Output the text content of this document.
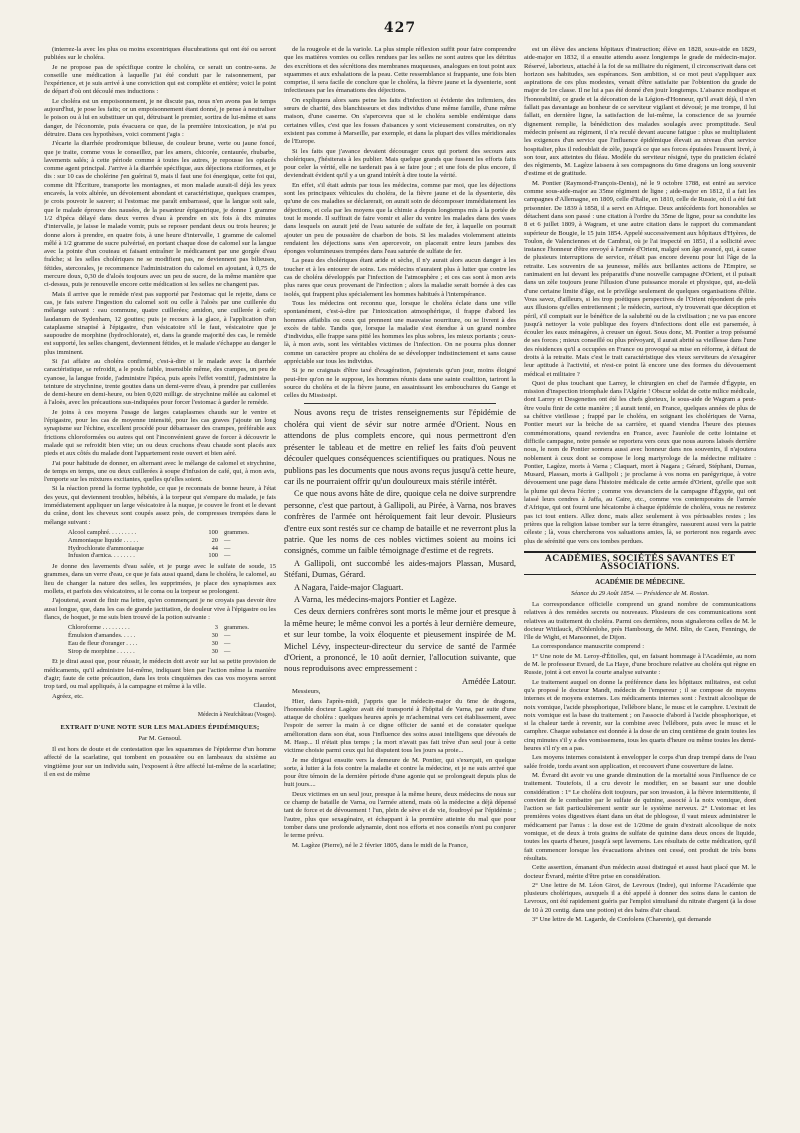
427

(interrez-la avec les plus ou moins excentriques élucubrations qui ont été ou seront publiées sur le choléra.

Je ne propose pas de spécifique contre le choléra, ce serait un contre-sens. Je conseille une médication à laquelle j'ai été conduit par le raisonnement, par l'expérience, et je suis arrivé à une conviction qui est complète et entière; voici le point de départ d'où ont découlé mes inductions :

Le choléra est un empoisonnement, je ne discute pas, nous n'en avons pas le temps aujourd'hui, je pose les faits; or un empoisonnement étant donné, je pense à neutraliser le poison ou à lui en substituer un qui, détruisant le premier, sortira de lui-même et sans danger, de l'économie, puis évacuera ce que, de la première intoxication, je n'ai pu détruire. Dans ces hypothèses, voici comment j'agis :

J'écarte la diarrhée prodromique bilieuse, de couleur brune, verte ou jaune foncé, que je traite, comme vous le conseillez, par les amers, chicorée, centaurée, rhubarbe, lavements salés; à cette période comme à toutes les autres, je repousse les opiacés comme agent principal. J'arrive à la diarrhée spécifique, aux déjections riziformes, et je dis : sur 10 cas de cholérine j'en guérirai 9, mais il faut une foi énergique, cette foi qui, comme dit l'Écriture, transporte les montagnes, et mon malade aurait-il déjà les yeux encavés, la voix altérée, un dévoiement abondant et caractéristique, quelques crampes, je crois pouvoir le sauver; si l'estomac me paraît embarrassé, que la langue soit sale, que le malade éprouve des nausées, de la pesanteur épigastrique, je donne 1 gramme 1/2 d'ipéca délayé dans deux verres d'eau à prendre en six fois à dix minutes d'intervalle, je laisse le malade vomir, puis se reposer pendant deux ou trois heures; je donne alors à prendre, en quatre fois, à une heure d'intervalle, 1 gramme de calomel mêlé à 1/2 gramme de sucre pulvérisé, en portant chaque dose de calomel sur la langue avec la pointe d'un couteau et faisant entraîner le médicament par une gorgée d'eau fraîche; si les selles cholériques ne se modifient pas, ne deviennent pas bilieuses, fétides, stercorales, je recommence l'administration du calomel en ajoutant, à 0,75 de mercure doux, 0,30 de d'aloès toujours avec un peu de sucre, de la même manière que ci-dessus, puis je renouvelle encore cette médication si les selles ne changent pas.

Mais il arrive que le remède n'est pas supporté par l'estomac qui le rejette, dans ce cas, je fais suivre l'ingestion du calomel soit ou celle à l'aloès par une cuillerée du mélange suivant : eau commune, quatre cuillerées; amidon, une cuillerée à café; laudanum de Sydenham, 12 gouttes; puis je recours à la glace, à l'application d'un cataplasme sinapisé à l'épigastre, d'un vésicatoire s'il le faut, vésicatoire que je saupoudre de morphine (hydrochlorate), et, dans la grande majorité des cas, le remède est supporté, les selles changent, deviennent fétides, et le malade s'échappe au danger le plus imminent.

Si j'ai affaire au choléra confirmé, c'est-à-dire si le malade avec la diarrhée caractéristique, se refroidit, a le pouls faible, insensible même, des crampes, un peu de cyanose, la langue froide, j'administre l'ipéca, puis après l'effet vomitif, j'administre la teinture de strychnine, trente gouttes dans un demi-verre d'eau, à prendre par cuillerées de demi-heure en demi-heure, ou bien 0,020 milligr. de strychnine mêlée au calomel et à l'aloès, avec les précautions sus-indiquées pour forcer l'estomac à garder le remède.

Je joins à ces moyens l'usage de larges cataplasmes chauds sur le ventre et l'épigastre, pour les cas de moyenne intensité, pour les cas graves j'ajoute un long synapisme sur l'échine, excellent procédé pour débarrasser des crampes, préférable aux frictions chloroformées ou autres qui ont l'inconvénient grave de forcer à découvrir le malade qui se refroidit bien vite; un ou deux cruchons d'eau chaude sont placés aux pieds et aux côtés du malade dont l'appartement reste ouvert et bien aéré.

J'ai pour habitude de donner, en alternant avec le mélange de calomel et strychnine, de temps en temps, une ou deux cuillerées à soupe d'infusion de café, qui, à mon avis, l'emporte sur les mixtures excitantes, quelles qu'elles soient.

Si la réaction prend la forme typhoïde, ce que je reconnais de bonne heure, à l'état des yeux, qui deviennent troubles, hébétés, à la torpeur qui s'empare du malade, je fais immédiatement appliquer un large vésicatoire à la nuque, je couvre le front et le devant du crâne, dont les cheveux sont coupés assez près, de compresses trempées dans le mélange suivant :

Alcool camphré. . . . . . . . .	100 grammes.
Ammoniaque liquide . . . . .	20 —
Hydrochlorate d'ammoniaque	44 —
Infusion d'arnica. . . . . . . .	100 —

Je donne des lavements d'eau salée, et je purge avec le sulfate de soude, 15 grammes, dans un verre d'eau, ce que je fais aussi quand, dans le choléra, le calomel, au lieu de changer la nature des selles, les supprimées, je place des synapismes aux mollets, et parfois des vésicatoires, si le coma ou la torpeur se prolongent.

J'ajouterai, avant de finir ma lettre, qu'en commençant je ne croyais pas devoir être aussi longue, que, dans les cas de grande jactitation, de douleur vive à l'épigastre ou les flancs, de hoquet, je me suis bien trouvé de la potion suivante :

Chloroforme . . . . . . . . .	3 grammes.
Émulsion d'amandes. . . . .	30 —
Eau de fleur d'oranger . . . .	30 —
Sirop de morphine . . . . . .	30 —

Et je dirai aussi que, pour réussir, le médecin doit avoir sur lui sa petite provision de médicaments, qu'il administre lui-même, indiquant bien par l'action même la manière d'agir; faute de cette précaution, dans les trois cinquièmes des cas vos moyens seront trop tard, ou mal appliqués, à la campagne et même à la ville.

Agréez, etc.

Claudot,
Médecin à Neufchâteau (Vosges).
EXTRAIT D'UNE NOTE SUR LES MALADIES ÉPIDÉMIQUES;
Par M. Gensoul.

Il est hors de doute et de contestation que les squammes de l'épiderme d'un homme affecté de la scarlatine, qui tombent en poussière ou en lambeaux du sixième au vingtième jour sur un individu sain, l'exposent à être affecté lui-même de la scarlatine; il en est de même

de la rougeole et de la variole. La plus simple réflexion suffit pour faire comprendre que les matières vomies ou celles rendues par les selles ne sont autres que les détritus des excrétions et des sécrétions des membranes muqueuses, analogues en tout point aux squammes et aux exhalations de la peau. Cette ressemblance si frappante, une fois bien comprise, il sera facile de conclure que le choléra, la fièvre jaune et la dysenterie, sont infectieuses par les émanations des déjections.

On expliquera alors sans peine les faits d'infection si évidente des infirmiers, des sœurs de charité, des blanchisseurs et des individus d'une même famille, d'une même maison, d'une caserne. On s'apercevra que si le choléra semble endémique dans certaines villes, c'est que les fosses d'aisances y sont vicieusement construites, on n'y existent pas comme à Marseille, par exemple, et dans la plupart des villes méridionales de l'Europe.

Si les faits que j'avance devaient décourager ceux qui portent des secours aux cholériques, j'hésiterais à les publier. Mais quelque grands que fussent les efforts faits pour celer la vérité, elle ne tarderait pas à se faire jour ; et une fois de plus encore, il deviendrait évident qu'il y a un grand intérêt à dire toute la vérité.

En effet, s'il était admis par tous les médecins, comme par moi, que les déjections sont les principaux véhicules du choléra, de la fièvre jaune et de la dysenterie, dès qu'une de ces maladies se déclarerait, on aurait soin de décomposer immédiatement les déjections, et cela par les moyens que la chimie a depuis longtemps mis à la portée de tout le monde. Il suffirait de faire vomir et aller du ventre les malades dans des vases dans lesquels on aurait jeté de l'eau saturée de sulfate de fer, à laquelle on pourrait ajouter un peu de poussière de charbon de bois. Si les malades violemment atteints rendaient les déjections sans s'en apercevoir, on placerait entre leurs jambes des éponges volumineuses trempées dans l'eau saturée de sulfate de fer.

La peau des cholériques étant aride et sèche, il n'y aurait alors aucun danger à les toucher et à les entourer de soins. Les médecins n'auraient plus à lutter que contre les cas de choléra développés par l'infection de l'atmosphère ; et ces cas sont à mon avis plus rares que ceux provenant de l'infection ; alors la maladie serait bornée à des cas isolés, qui frappent plus spécialement les hommes habitués à l'intempérance.

Tous les médecins ont reconnu que, lorsque le choléra éclate dans une ville spontanément, c'est-à-dire par l'intoxication atmosphérique, il frappe d'abord les hommes affaiblis ou ceux qui prennent une mauvaise nourriture, ou se livrent à des excès de table. Tandis que, lorsque la maladie s'est étendue à un grand nombre d'individus, elle frappe sans pitié les hommes les plus sobres, les mieux portants ; ceux-là, à mon avis, sont les véritables victimes de l'infection. On ne pourra plus donner comme un caractère propre au choléra de se développer indistinctement et sans cause appréciable sur tous les individus.

Si je ne craignais d'être taxé d'exagération, j'ajouterais qu'un jour, moins éloigné peut-être qu'on ne le suppose, les hommes réunis dans une sainte coalition, tariront la source du choléra et de la fièvre jaune, en assainissant les embouchures du Gange et celles du Mississipi.

Nous avons reçu de tristes renseignements sur l'épidémie de choléra qui vient de sévir sur notre armée d'Orient. Nous en attendons de plus complets encore, qui nous permettront d'en présenter le tableau et de mettre en relief les faits d'où peuvent découler quelques conséquences scientifiques ou pratiques. Nous ne publions pas les documents que nous avons reçus jusqu'à cette heure, car ils ne pourraient offrir qu'un douloureux mais stérile intérêt.

Ce que nous avons hâte de dire, quoique cela ne doive surprendre personne, c'est que partout, à Gallipoli, au Pirée, à Varna, nos braves confrères de l'armée ont héroïquement fait leur devoir. Plusieurs d'entre eux sont restés sur ce champ de bataille et ne reverront plus la patrie. Que les noms de ces nobles victimes soient au moins ici consignés, comme un faible témoignage d'estime et de regrets.

A Gallipoli, ont succombé les aides-majors Plassan, Musard, Stéfani, Dumas, Gérard.

A Nagara, l'aide-major Claguart.

A Varna, les médecins-majors Pontier et Lagèze.

Ces deux derniers confrères sont morts le même jour et presque à la même heure; le même convoi les a portés à leur dernière demeure, et sur leur tombe, la voix éloquente et pieusement inspirée de M. Michel Lévy, inspecteur-directeur du service de santé de l'armée d'Orient, a prononcé, le 10 août dernier, l'allocution suivante, que nous reproduisons avec empressement :

Amédée Latour.

Messieurs,

Hier, dans l'après-midi, j'appris que le médecin-major du 6me de dragons, l'honorable docteur Lagèze avait été transporté à l'hôpital de Varna, par suite d'une attaque de choléra : quelques heures après je m'acheminai vers cet établissement, avec l'espoir de serrer la main à ce digne officier de santé et de constater quelque amélioration dans son état, sous l'influence des soins aussi intelligens que dévoués de M. Hasp... Il n'était plus temps ; la mort n'avait pas fait trève d'un seul jour à cette victime choisie parmi ceux qui lui disputent tous les jours sa proie...

Je me dirigeai ensuite vers la demeure de M. Pontier, qui s'exerçait, en quelque sorte, à lutter à la fois contre la maladie et contre la médecine, et je ne suis arrivé que pour être témoin de la dernière période d'une agonie qui se prolongeait depuis plus de huit jours....

Deux victimes en un seul jour, presque à la même heure, deux médecins de nous sur ce champ de bataille de Varna, ou l'armée attend, mais où la médecine a déjà dépensé tant de force et de dévouement ! l'un, plein de sève et de vie, foudroyé par l'épidémie ; l'autre, plus que sexagénaire, et échappant à la première atteinte du mal que pour tomber dans une profonde adynamie, dont nos efforts et nos conseils n'ont pu conjurer le terme prévu.

M. Lagèze (Pierre), né le 2 février 1805, dans le midi de la France,

est un élève des anciens hôpitaux d'instruction; élève en 1828, sous-aide en 1829, aide-major en 1832, il a ensuite attendu assez longtemps le grade de médecin-major. Réservé, laborieux, attaché à la foi de sa milliaire du régiment, il circonscrivait dans cet horizon ses habitudes, ses espérances. Son ambition, si ce mot peut s'appliquer aux aspirations de ces plus modestes, venait d'être satisfaite par l'obtention du grade de major de 1re classe. Il ne lui a pas été donné d'en jouir longtemps. L'aisance modique et l'honorabilité, ce grade et la décoration de la Légion-d'Honneur, qu'il avait déjà, il n'en fallait pas davantage au bonheur de ce serviteur vigilant et dévoué; je me trompe, il lui fallait, en dernière ligne, la satisfaction de lui-même, la conscience de sa journée dignement remplie, la bénédiction des malades soulagés avec promptitude. Seul médecin présent au régiment, il n'a reculé devant aucune fatigue : plus se multipliaient les exigences d'un service que l'influence épidémique élevait au niveau d'un service hospitalier, plus il redoublait de zèle, jusqu'à ce que ses forces épuisées l'eussent livré, à son tour, aux atteintes du fléau. Modèle du serviteur résigné, type du praticien éclairé des régiments, M. Lagèze laissera à ses compagnons du 6me dragons un long souvenir d'estime et de gratitude.

M. Pontier (Raymond-François-Denis), né le 9 octobre 1788, est entré au service comme sous-aide-major au 35me régiment de ligne ; aide-major en 1812, il a fait les campagnes d'Allemagne, en 1809, celle d'Italie, en 1810, celle de Russie, où il a été fait prisonnier. De 1839 à 1858, il a servi en Afrique. Deux antécédents fort honorables se détachent dans son passé : une citation à l'ordre du 35me de ligne, pour sa conduite les 8 et 6 juillet 1809, à Wagram, et une autre citation dans le rapport du commandant supérieur de Bougie, le 15 juin 1854. Appelé successivement aux hôpitaux d'Hyères, de Toulon, de Valenciennes et de Cambrai, où je l'ai inspecté en 1851, il a sollicité avec instance l'honneur d'être envoyé à l'armée d'Orient, malgré son âge avancé, qui, à cause de plusieurs interruptions de service, n'était pas encore devenu pour lui l'âge de la retraite. Les souvenirs de sa jeunesse, mêlés aux brillantes actions de l'Empire, se ranimaient en lui devant les préparatifs d'une nouvelle campagne d'Orient, et il puisait dans un zèle toujours jeune l'illusion d'une puissance morale et physique, qui, au-delà d'une certaine limite d'âge, est le privilège seulement de quelques organisations d'élite. Vous savez, d'ailleurs, si les trop poétiques perspectives de l'Orient répondent de près aux illusions qu'elles entretiennent ; le médecin, surtout, n'y trouverait que déception et péril, s'il comptait sur le bénéfice de la salubrité ou de la civilisation ; ne va pas encore jusqu'à nettoyer la voie publique des foyers d'infections dont elle est parsemée, à écouler les eaux ménagères, à creuser un égout. Sous donc, M. Pontier a trop présumé de ses forces ; mieux conseillé ou plus prévoyant, il aurait abrité sa vieillesse dans l'une des résidences qu'il a occupées en France ou provoqué sa mise en réforme, à défaut de droits à la retraite. Mais c'est le trait caractéristique des vieux serviteurs de s'exagérer leur aptitude à l'activité, et n'est-ce point là encore une des formes du dévouement médical et militaire ?

Quoi de plus touchant que Larrey, le chirurgien en chef de l'armée d'Égypte, en mission d'inspection triomphale dans l'Algérie ! Obscur soldat de cette milice médicale, dont Larrey et Desgenettes ont été les chefs glorieux, le sous-aide de Wagram a peut-être voulu finir de cette manière ; il aurait tenté, en France, quelques années de plus de sa chétive vieillesse ; frappé par le choléra, en soignant les cholériques de Varna, Pontier meurt sur la brèche de sa carrière, et quand viendra l'heure des pieuses commémorations, quand reviendra en France, avec l'auréole de cette lointaine et difficile campagne, notre pensée se reportera vers ceux que nous aurons laissés derrière nous, le nom de Pontier sonnera aussi avec honneur dans nos souvenirs, il n'ajoutera noblement à ceux dont se compose le long martyrologe de la médecine militaire : Pontier, Lagèze, morts à Varna ; Claquart, mort à Nagara ; Gérard, Stéphani, Dumas, Musard, Plassan, morts à Gallipoli ; je proclame à vos noms en parégyrique, à votre dévouement une page dans l'histoire médicale de cette armée d'Orient, qu'elle que soit la plume qui devra l'écrire ; comme vos devanciers de la campagne d'Égypte, qui ont laissé leurs cendres à Jaffa, au Caire, etc., comme vos contemporains de l'armée d'Afrique, qui ont fourni une hécatombe à chaque épidémie de choléra, vous ne resterez pas ici tout entiers. Allez donc, mais allez seulement à vos périssables restes ; les prières que la religion laisse tomber sur la terre étrangère, rassurent aussi vers la patrie céleste ; là, vous chercherons vos saluations amies, là, se porteront nos regards avec plus de sérénité que vers ces tombes perdues.

ACADÉMIES, SOCIÉTÉS SAVANTES ET ASSOCIATIONS.
ACADÉMIE DE MÉDECINE.
Séance du 29 Août 1854. — Présidence de M. Rostan.

La correspondance officielle comprend un grand nombre de communications relatives à des remèdes secrets ou nouveaux. Plusieurs de ces communications sont relatives au traitement du choléra. Parmi ces dernières, nous signalerons celles de M. le docteur Wittlauck, d'Ohlenlohe, près Hambourg, de MM. Blin, de Caen, Fennings, de l'île de Wight, et Mansonnet, de Dijon.

La correspondance manuscrite comprend :

1° Une note de M. Leroy-d'Étiolles, qui, en faisant hommage à l'Académie, au nom de M. le professeur Evrard, de La Haye, d'une brochure relative au choléra qui règne en Russie, joint à cet envoi la courte analyse suivante :

Le traitement auquel on donne la préférence dans les hôpitaux militaires, est celui qu'a proposé le docteur Mandt, médecin de l'empereur ; il se compose de moyens internes et de moyens externes. Les médicaments internes sont : l'extrait alcoolique de noix vomique, l'acide phosphorique, l'ellébore blanc, le musc et le camphre. L'extrait de noix vomique est la base du traitement ; on l'associe d'abord à l'acide phosphorique, et si la chaleur tarde à revenir, sur la combine avec l'ellébore, puis avec le musc et le camphre. Chaque substance est donnée à la dose de un cinq centième de grain toutes les cinq minutes s'il y a des vomissemens, tous les quarts d'heure ou même toutes les demi-heures s'il n'y en a pas.

Les moyens internes consistent à envelopper le corps d'un drap trempé dans de l'eau salée froide, tordu avant son application, et recouvert d'une couverture de laine.

M. Évrard dit avoir vu une grande diminution de la mortalité sous l'influence de ce traitement. Toutefois, il a cru devoir le modifier, en se basant sur une double considération : 1° Le choléra doit toujours, par son invasion, à la fièvre intermittente, il convient de le combattre par le sulfate de quinine, associé à la noix vomique, dont l'action se fait particulièrement sentir sur le système nerveux. 2° L'estomac et les premières voies digestives étant dans un état de phlogose, il vaut mieux administrer le médicament par l'anus : la dose est de 1/20me de grain d'extrait alcoolique de noix vomique, et de deux à trois grains de sulfate de quinine dans deux onces de liquide, toutes les quarts d'heure, jusqu'à sept lavemens. Les résultats de cette médication, qu'il fait commencer lorsque les évacuations alvines ont cessé, ont produit de très bons résultats.

Cette assertion, émanant d'un médecin aussi distingué et aussi haut placé que M. le docteur Évrard, mérite d'être prise en considération.

2° Une lettre de M. Léon Girot, de Levroux (Indre), qui informe l'Académie que plusieurs cholériques, auxquels il a été appelé à donner des soins dans le canton de Levroux, ont été rapidement guéris par l'emploi simultané du nitrate d'argent (à la dose de 10 à 20 centig. dans une potion) et des bains d'air chaud.

3° Une lettre de M. Lagarde, de Confolens (Charente), qui demande
